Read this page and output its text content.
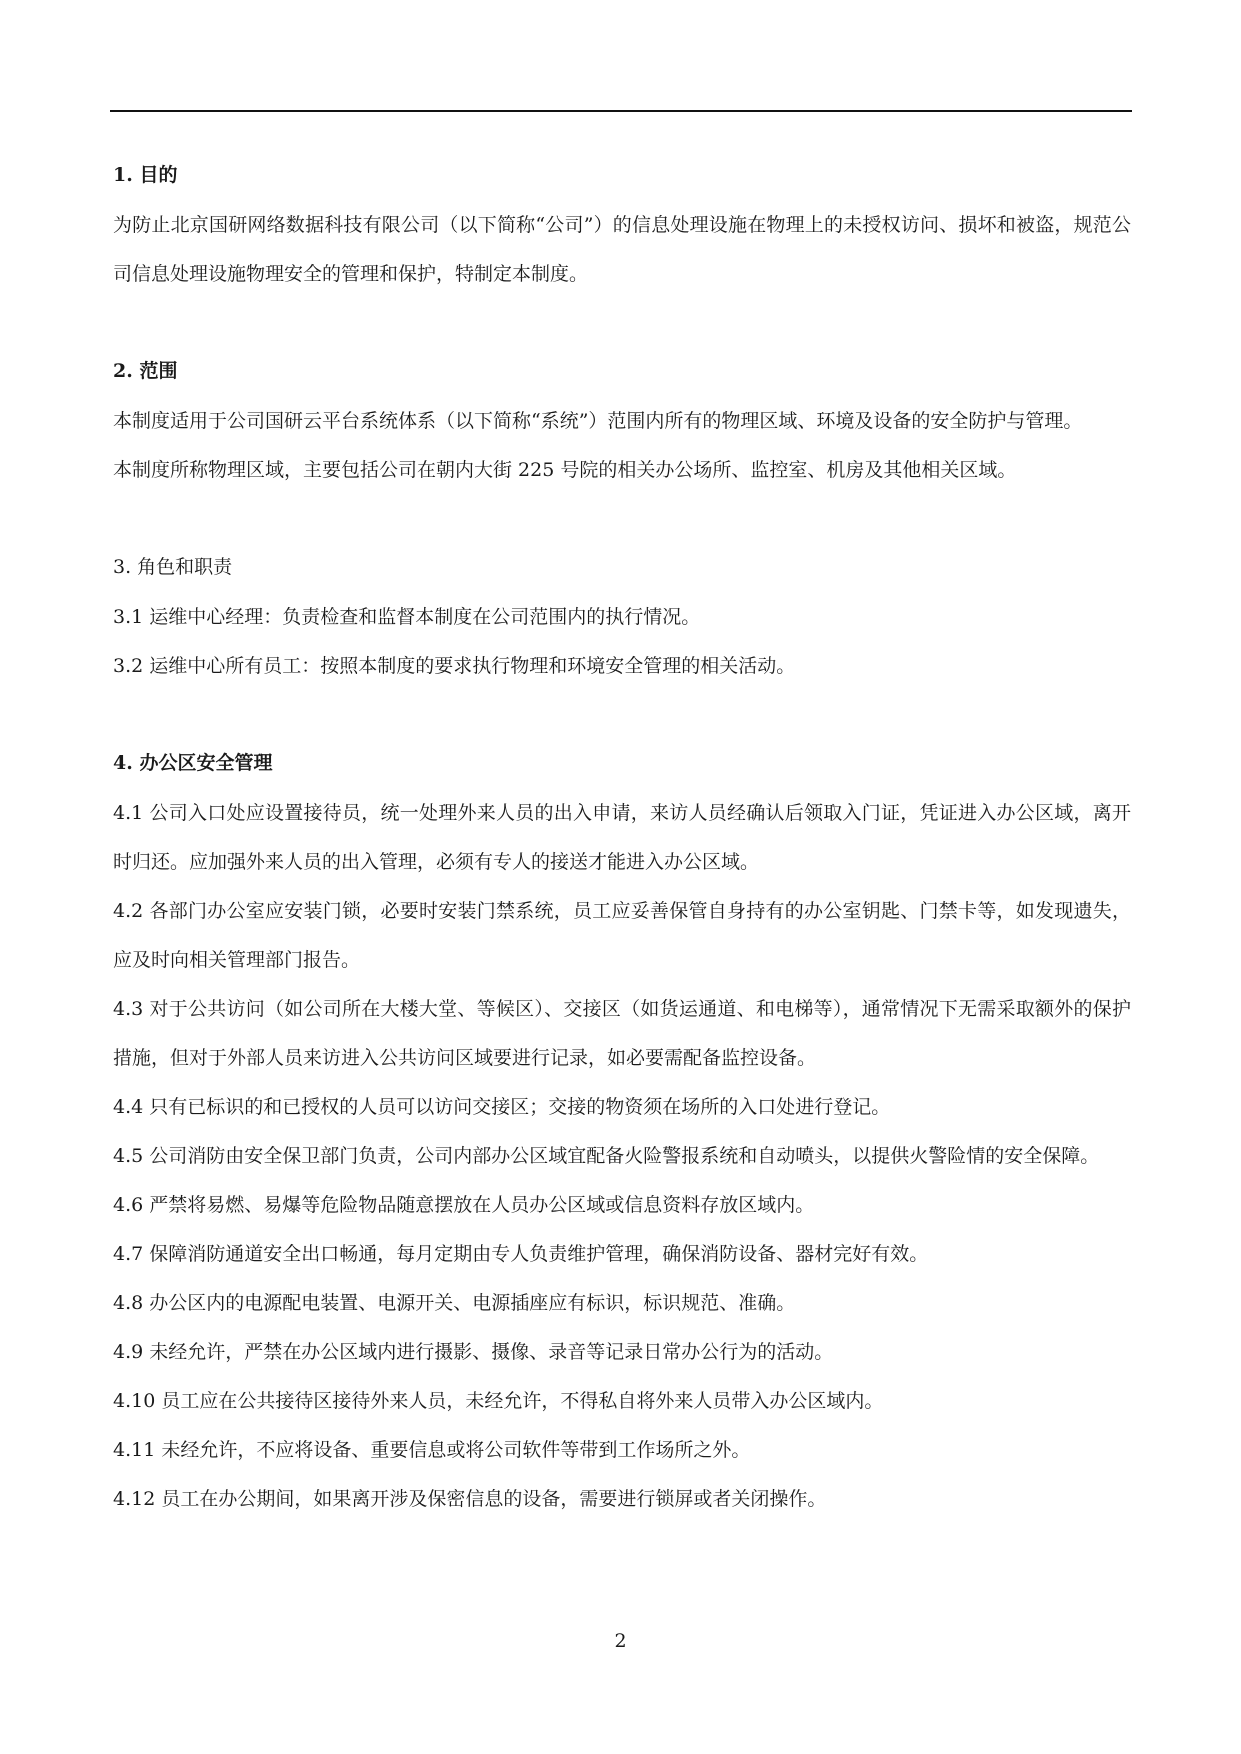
1. 目的
为防止北京国研网络数据科技有限公司（以下简称“公司”）的信息处理设施在物理上的未授权访问、损坏和被盗，规范公司信息处理设施物理安全的管理和保护，特制定本制度。
2. 范围
本制度适用于公司国研云平台系统体系（以下简称“系统”）范围内所有的物理区域、环境及设备的安全防护与管理。
本制度所称物理区域，主要包括公司在朝内大街 225 号院的相关办公场所、监控室、机房及其他相关区域。
3. 角色和职责
3.1 运维中心经理：负责检查和监督本制度在公司范围内的执行情况。
3.2 运维中心所有员工：按照本制度的要求执行物理和环境安全管理的相关活动。
4. 办公区安全管理
4.1 公司入口处应设置接待员，统一处理外来人员的出入申请，来访人员经确认后领取入门证，凭证进入办公区域，离开时归还。应加强外来人员的出入管理，必须有专人的接送才能进入办公区域。
4.2 各部门办公室应安装门锁，必要时安装门禁系统，员工应妥善保管自身持有的办公室钥匙、门禁卡等，如发现遗失，应及时向相关管理部门报告。
4.3 对于公共访问（如公司所在大楼大堂、等候区）、交接区（如货运通道、和电梯等），通常情况下无需采取额外的保护措施，但对于外部人员来访进入公共访问区域要进行记录，如必要需配备监控设备。
4.4 只有已标识的和已授权的人员可以访问交接区；交接的物资须在场所的入口处进行登记。
4.5 公司消防由安全保卫部门负责，公司内部办公区域宜配备火险警报系统和自动喷头，以提供火警险情的安全保障。
4.6 严禁将易燃、易爆等危险物品随意摆放在人员办公区域或信息资料存放区域内。
4.7 保障消防通道安全出口畅通，每月定期由专人负责维护管理，确保消防设备、器材完好有效。
4.8 办公区内的电源配电装置、电源开关、电源插座应有标识，标识规范、准确。
4.9 未经允许，严禁在办公区域内进行摄影、摄像、录音等记录日常办公行为的活动。
4.10 员工应在公共接待区接待外来人员，未经允许，不得私自将外来人员带入办公区域内。
4.11 未经允许，不应将设备、重要信息或将公司软件等带到工作场所之外。
4.12 员工在办公期间，如果离开涉及保密信息的设备，需要进行锁屏或者关闭操作。
2
